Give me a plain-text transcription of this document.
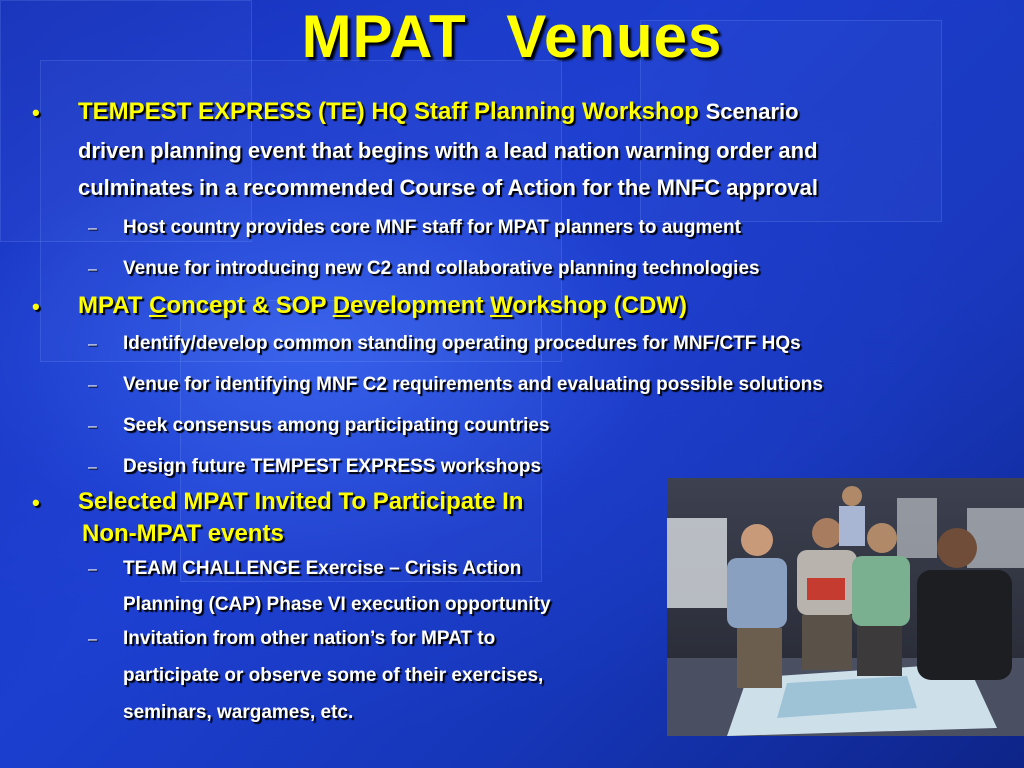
MPAT Venues
• TEMPEST EXPRESS (TE) HQ Staff Planning Workshop Scenario
driven planning event that begins with a lead nation warning order and
culminates in a recommended Course of Action for the MNFC approval
– Host country provides core MNF staff for MPAT planners to augment
– Venue for introducing new C2 and collaborative planning technologies
• MPAT Concept & SOP Development Workshop (CDW)
– Identify/develop common standing operating procedures for MNF/CTF HQs
– Venue for identifying MNF C2 requirements and evaluating possible solutions
– Seek consensus among participating countries
– Design future TEMPEST EXPRESS workshops
• Selected MPAT Invited To Participate In
Non-MPAT events
– TEAM CHALLENGE Exercise – Crisis Action
Planning (CAP) Phase VI execution opportunity
– Invitation from other nation’s for MPAT to
participate or observe some of their exercises,
seminars, wargames, etc.
